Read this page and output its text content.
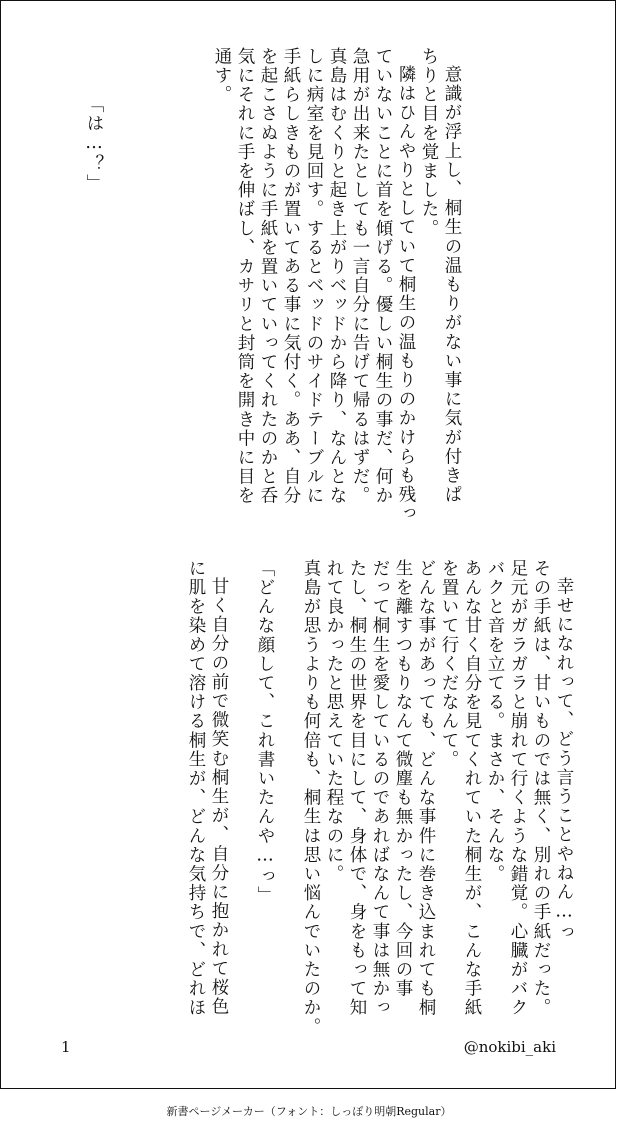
意識が浮上し、桐生の温もりがない事に気が付きぱ
ちりと目を覚ました。
隣はひんやりとしていて桐生の温もりのかけらも残っ
ていないことに首を傾げる。優しい桐生の事だ、何か
急用が出来たとしても一言自分に告げて帰るはずだ。
真島はむくりと起き上がりベッドから降り、なんとな
しに病室を見回す。するとベッドのサイドテーブルに
手紙らしきものが置いてある事に気付く。ああ、自分
を起こさぬように手紙を置いていってくれたのかと呑
気にそれに手を伸ばし、カサリと封筒を開き中に目を
通す。
「は…？」
幸せになれって、どう言うことやねん…っ
その手紙は、甘いものでは無く、別れの手紙だった。
足元がガラガラと崩れて行くような錯覚。心臓がバク
バクと音を立てる。まさか、そんな。
あんな甘く自分を見てくれていた桐生が、こんな手紙
を置いて行くだなんて。
どんな事があっても、どんな事件に巻き込まれても桐
生を離すつもりなんて微塵も無かったし、今回の事
だって桐生を愛しているのであればなんて事は無かっ
たし、桐生の世界を目にして、身体で、身をもって知
れて良かったと思えていた程なのに。
真島が思うよりも何倍も、桐生は思い悩んでいたのか。
「どんな顔して、これ書いたんや…っ」
甘く自分の前で微笑む桐生が、自分に抱かれて桜色
に肌を染めて溶ける桐生が、どんな気持ちで、どれほ
1	@nokibi_aki
新書ページメーカー（フォント：しっぽり明朝Regular）
